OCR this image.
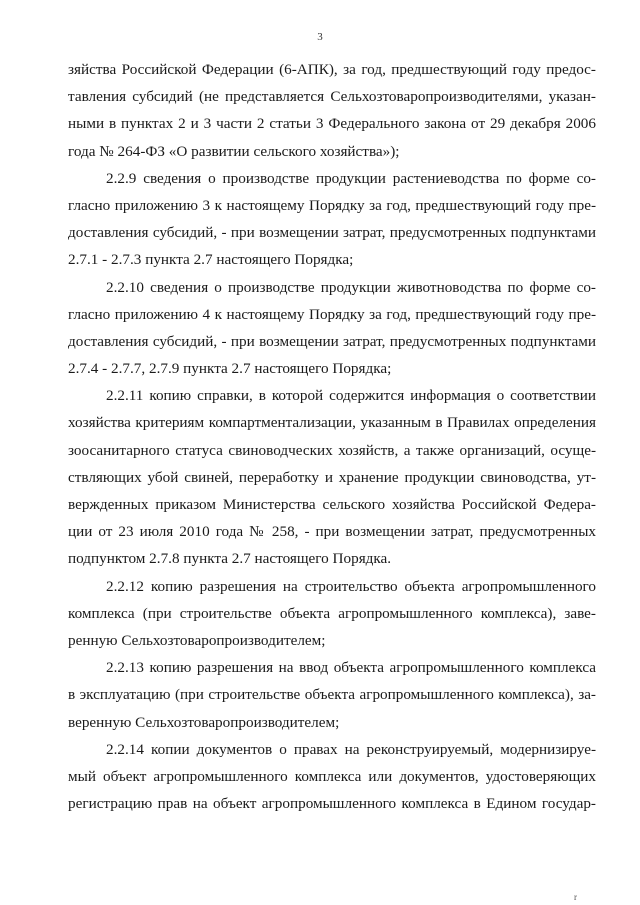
3
зяйства Российской Федерации (6-АПК), за год, предшествующий году предос-
тавления субсидий (не представляется Сельхозтоваропроизводителями, указан-
ными в пунктах 2 и 3 части 2 статьи 3 Федерального закона от 29 декабря 2006
года № 264-ФЗ «О развитии сельского хозяйства»);
2.2.9 сведения о производстве продукции растениеводства по форме со-
гласно приложению 3 к настоящему Порядку за год, предшествующий году пре-
доставления субсидий, - при возмещении затрат, предусмотренных подпунктами
2.7.1 - 2.7.3 пункта 2.7 настоящего Порядка;
2.2.10 сведения о производстве продукции животноводства по форме со-
гласно приложению 4 к настоящему Порядку за год, предшествующий году пре-
доставления субсидий, - при возмещении затрат, предусмотренных подпунктами
2.7.4 - 2.7.7, 2.7.9 пункта 2.7 настоящего Порядка;
2.2.11 копию справки, в которой содержится информация о соответствии
хозяйства критериям компартментализации, указанным в Правилах определения
зоосанитарного статуса свиноводческих хозяйств, а также организаций, осуще-
ствляющих убой свиней, переработку и хранение продукции свиноводства, ут-
вержденных приказом Министерства сельского хозяйства Российской Федера-
ции от 23 июля 2010 года № 258, - при возмещении затрат, предусмотренных
подпунктом 2.7.8 пункта 2.7 настоящего Порядка.
2.2.12 копию разрешения на строительство объекта агропромышленного
комплекса (при строительстве объекта агропромышленного комплекса), заве-
ренную Сельхозтоваропроизводителем;
2.2.13 копию разрешения на ввод объекта агропромышленного комплекса
в эксплуатацию (при строительстве объекта агропромышленного комплекса), за-
веренную Сельхозтоваропроизводителем;
2.2.14 копии документов о правах на реконструируемый, модернизируе-
мый объект агропромышленного комплекса или документов, удостоверяющих
регистрацию прав на объект агропромышленного комплекса в Едином государ-
r
